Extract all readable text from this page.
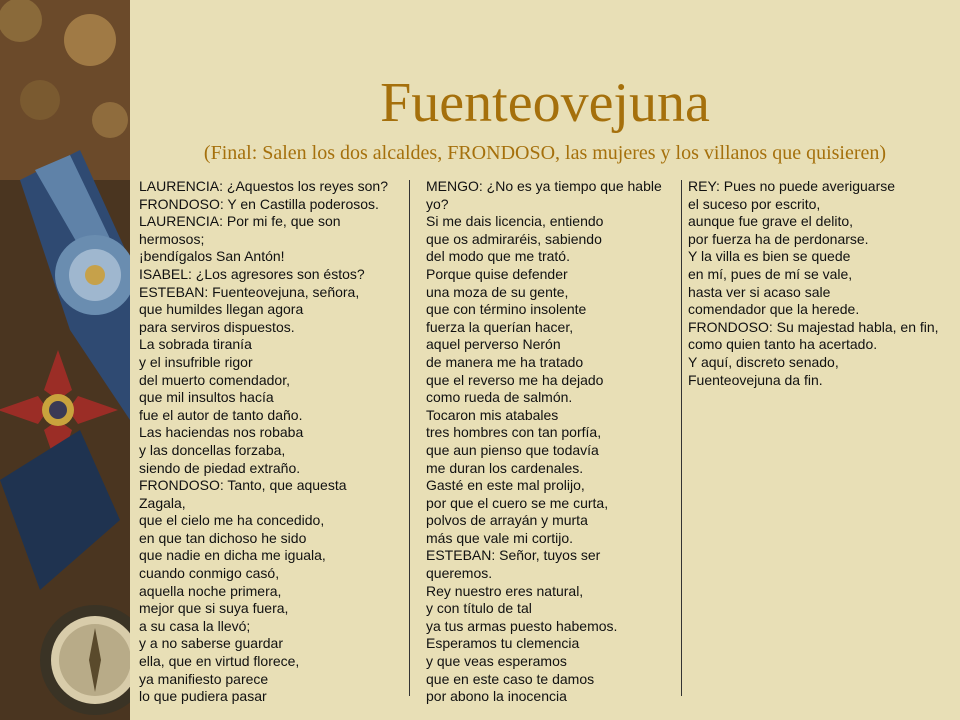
Fuenteovejuna
(Final: Salen los dos alcaldes, FRONDOSO, las mujeres y los villanos que quisieren)
LAURENCIA: ¿Aquestos los reyes son?
FRONDOSO: Y en Castilla poderosos.
LAURENCIA: Por mi fe, que son
hermosos;
¡bendígalos San Antón!
ISABEL: ¿Los agresores son éstos?
ESTEBAN: Fuenteovejuna, señora,
que humildes llegan agora
para serviros dispuestos.
La sobrada tiranía
y el insufrible rigor
del muerto comendador,
que mil insultos hacía
fue el autor de tanto daño.
Las haciendas nos robaba
y las doncellas forzaba,
siendo de piedad extraño.
FRONDOSO: Tanto, que aquesta
Zagala,
que el cielo me ha concedido,
en que tan dichoso he sido
que nadie en dicha me iguala,
cuando conmigo casó,
aquella noche primera,
mejor que si suya fuera,
a su casa la llevó;
y a no saberse guardar
ella, que en virtud florece,
ya manifiesto parece
lo que pudiera pasar
MENGO: ¿No es ya tiempo que hable
yo?
Si me dais licencia, entiendo
que os admiraréis, sabiendo
del modo que me trató.
Porque quise defender
una moza de su gente,
que con término insolente
fuerza la querían hacer,
aquel perverso Nerón
de manera me ha tratado
que el reverso me ha dejado
como rueda de salmón.
Tocaron mis atabales
tres hombres con tan porfía,
que aun pienso que todavía
me duran los cardenales.
Gasté en este mal prolijo,
por que el cuero se me curta,
polvos de arrayán y murta
más que vale mi cortijo.
ESTEBAN: Señor, tuyos ser
queremos.
Rey nuestro eres natural,
y con título de tal
ya tus armas puesto habemos.
Esperamos tu clemencia
y que veas esperamos
que en este caso te damos
por abono la inocencia
REY: Pues no puede averiguarse
el suceso por escrito,
aunque fue grave el delito,
por fuerza ha de perdonarse.
Y la villa es bien se quede
en mí, pues de mí se vale,
hasta ver si acaso sale
comendador que la herede.
FRONDOSO: Su majestad habla, en fin,
como quien tanto ha acertado.
Y aquí, discreto senado,
Fuenteovejuna da fin.
